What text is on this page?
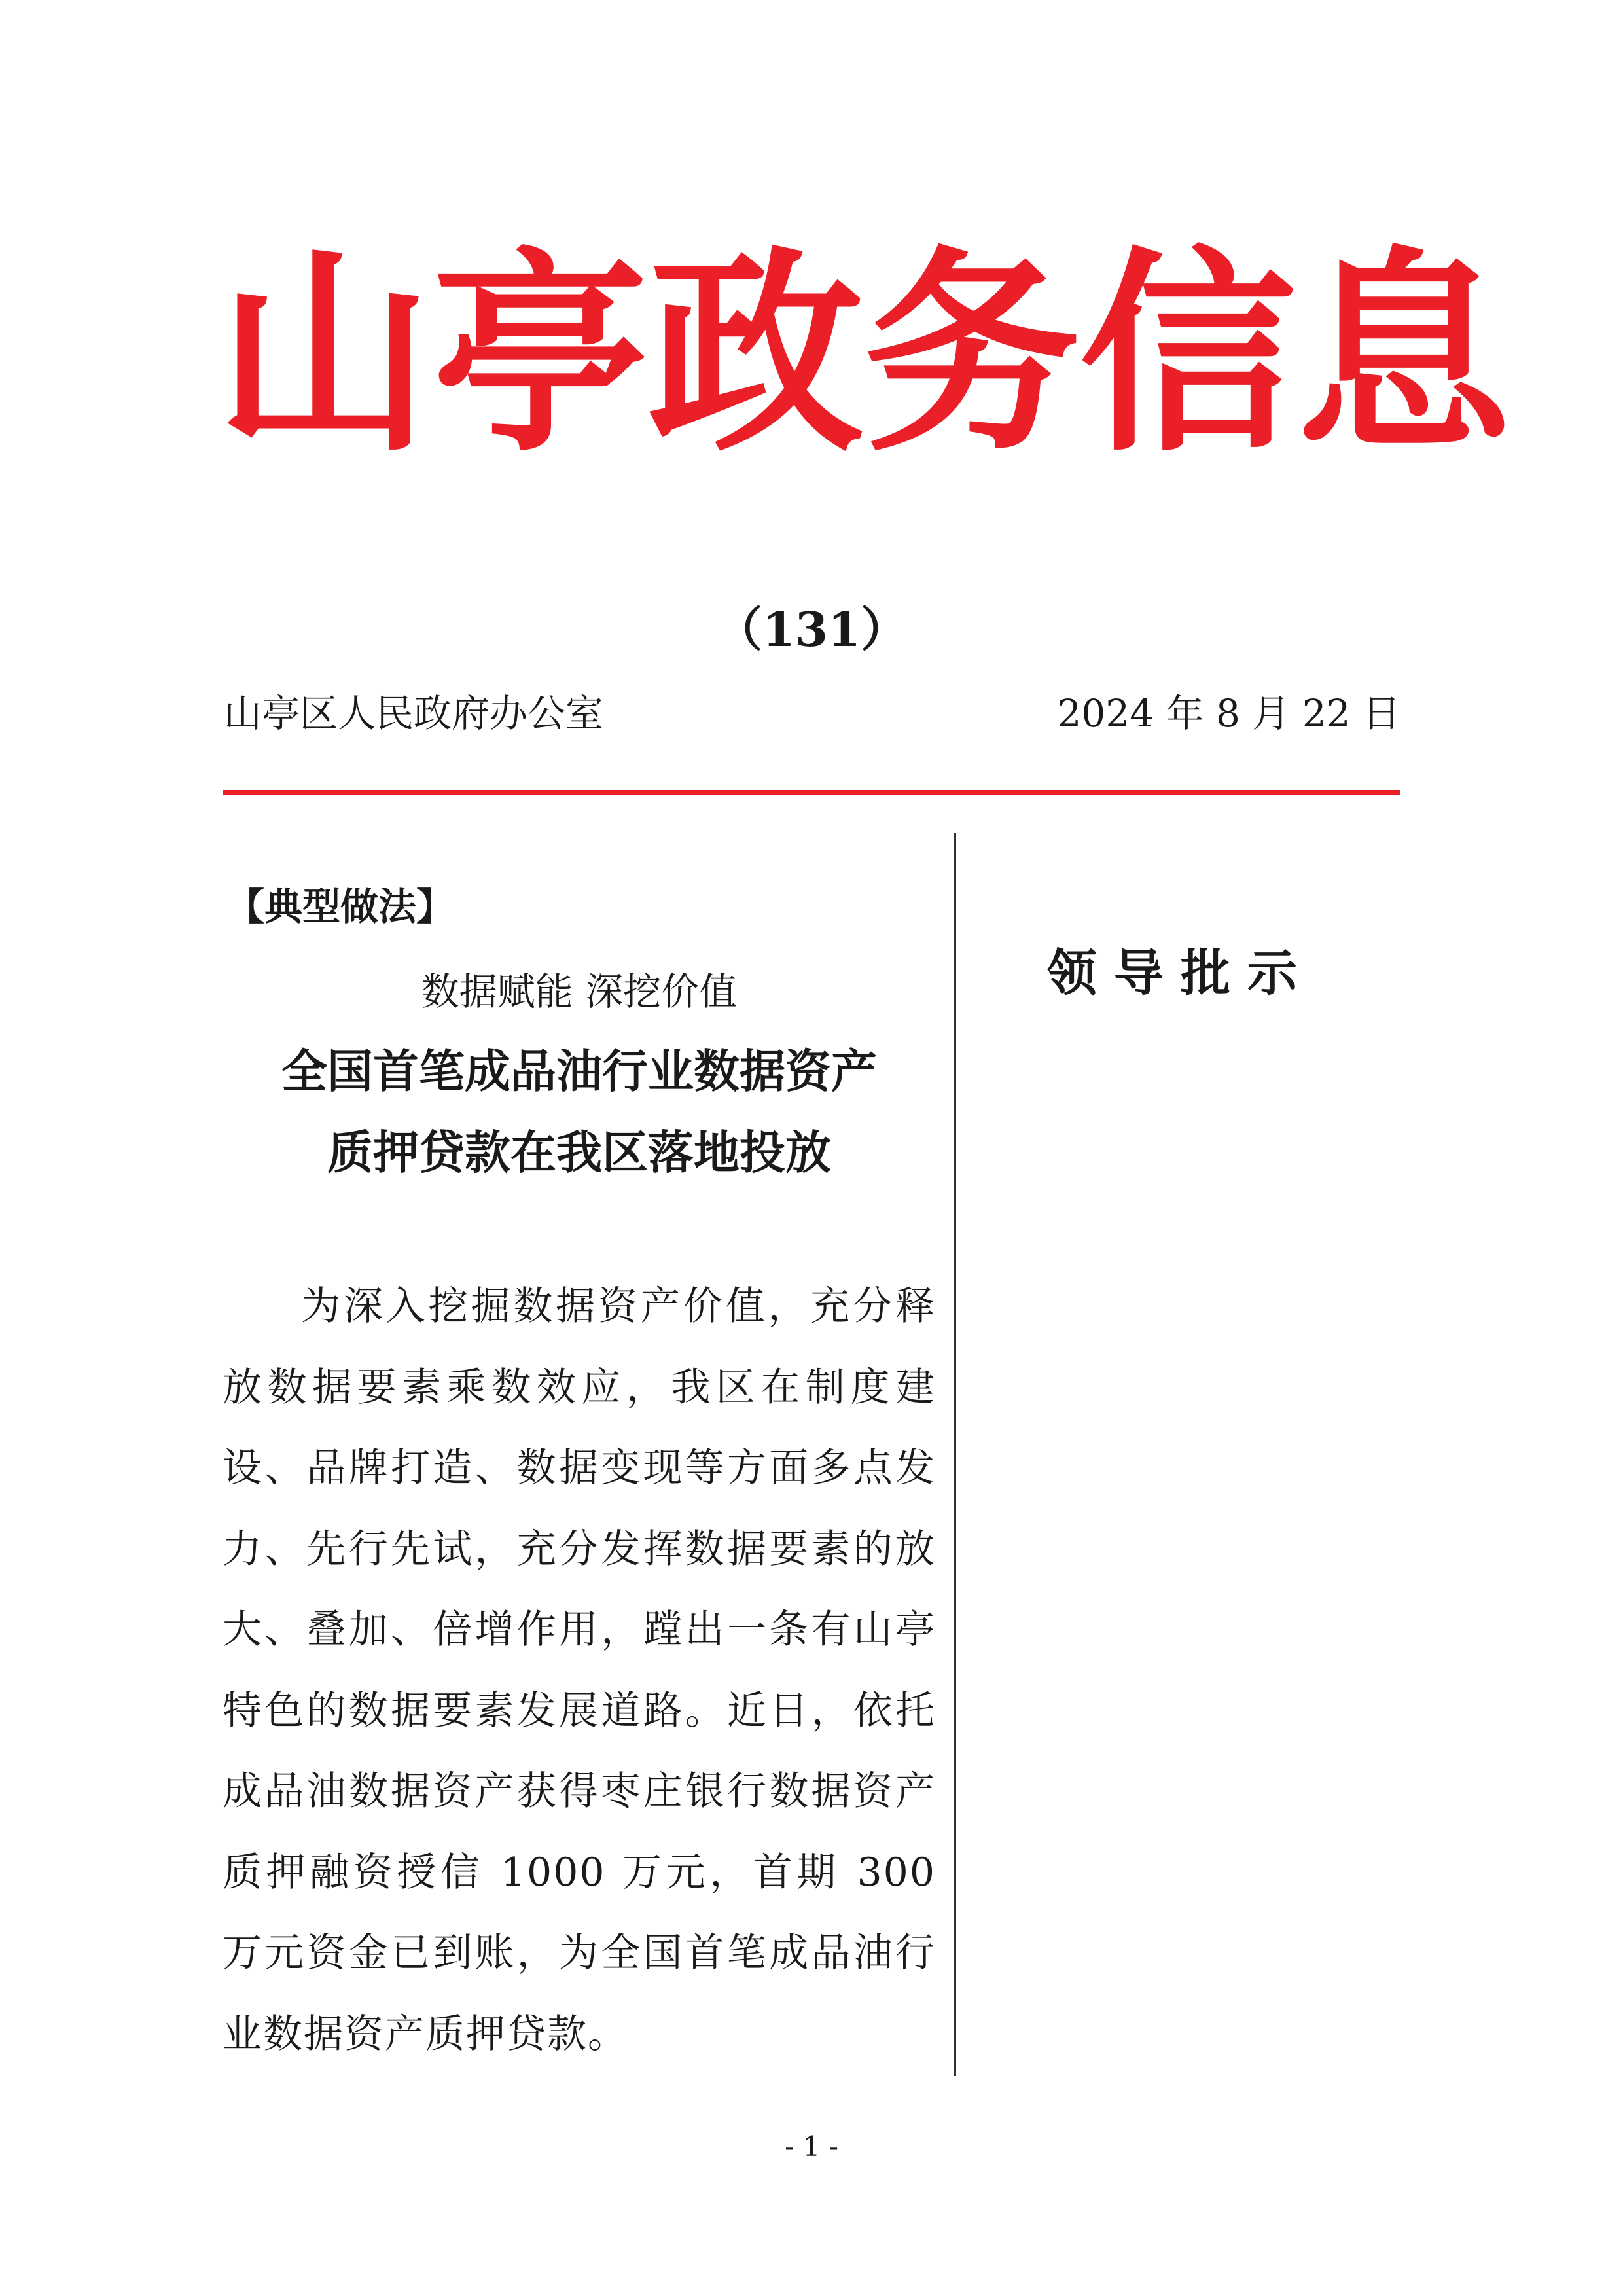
山 亭 政 务 信 息
（131）
山亭区人民政府办公室	2024 年 8 月 22 日
领导批示
【典型做法】
数据赋能 深挖价值
全国首笔成品油行业数据资产
质押贷款在我区落地投放

为深入挖掘数据资产价值，充分释放数据要素乘数效应，我区在制度建设、品牌打造、数据变现等方面多点发力、先行先试，充分发挥数据要素的放大、叠加、倍增作用，蹚出一条有山亭特色的数据要素发展道路。近日，依托成品油数据资产获得枣庄银行数据资产质押融资授信 1000 万元，首期 300 万元资金已到账，为全国首笔成品油行业数据资产质押贷款。

- 1 -
